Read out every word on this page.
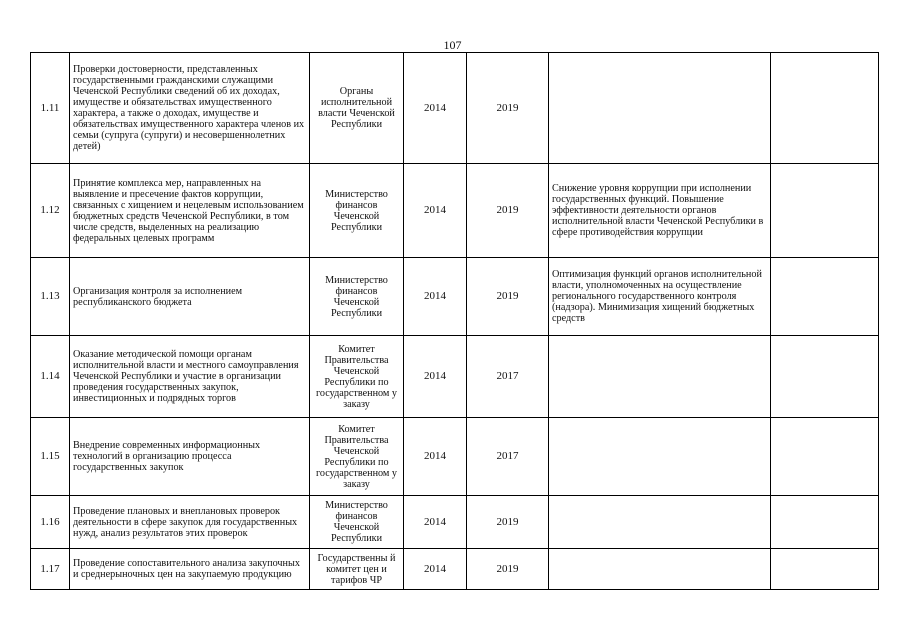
107
1.11	Проверки достоверности, представленных государственными гражданскими служащими Чеченской Республики сведений об их доходах, имуществе и обязательствах имущественного характера, а также о доходах, имуществе и обязательствах имущественного характера членов их семьи (супруга (супруги) и несовершеннолетних детей)	Органы исполнительной власти Чеченской Республики	2014	2019		
1.12	Принятие комплекса мер, направленных на выявление и пресечение фактов коррупции, связанных с хищением и нецелевым использованием бюджетных средств Чеченской Республики, в том числе средств, выделенных на реализацию федеральных целевых программ	Министерство финансов Чеченской Республики	2014	2019	Снижение уровня коррупции при исполнении государственных функций. Повышение эффективности деятельности органов исполнительной власти Чеченской Республики в сфере противодействия коррупции	
1.13	Организация контроля за исполнением республиканского бюджета	Министерство финансов Чеченской Республики	2014	2019	Оптимизация функций органов исполнительной власти, уполномоченных на осуществление регионального государственного контроля (надзора). Минимизация хищений бюджетных средств	
1.14	Оказание методической помощи органам исполнительной власти и местного самоуправления Чеченской Республики и участие в организации проведения государственных закупок, инвестиционных и подрядных торгов	Комитет Правительства Чеченской Республики по государственном у заказу	2014	2017		
1.15	Внедрение современных информационных технологий в организацию процесса государственных закупок	Комитет Правительства Чеченской Республики по государственном у заказу	2014	2017		
1.16	Проведение плановых и внеплановых проверок деятельности в сфере закупок для государственных нужд, анализ результатов этих проверок	Министерство финансов Чеченской Республики	2014	2019		
1.17	Проведение сопоставительного анализа закупочных и среднерыночных цен на закупаемую продукцию	Государственны й комитет цен и тарифов ЧР	2014	2019		
